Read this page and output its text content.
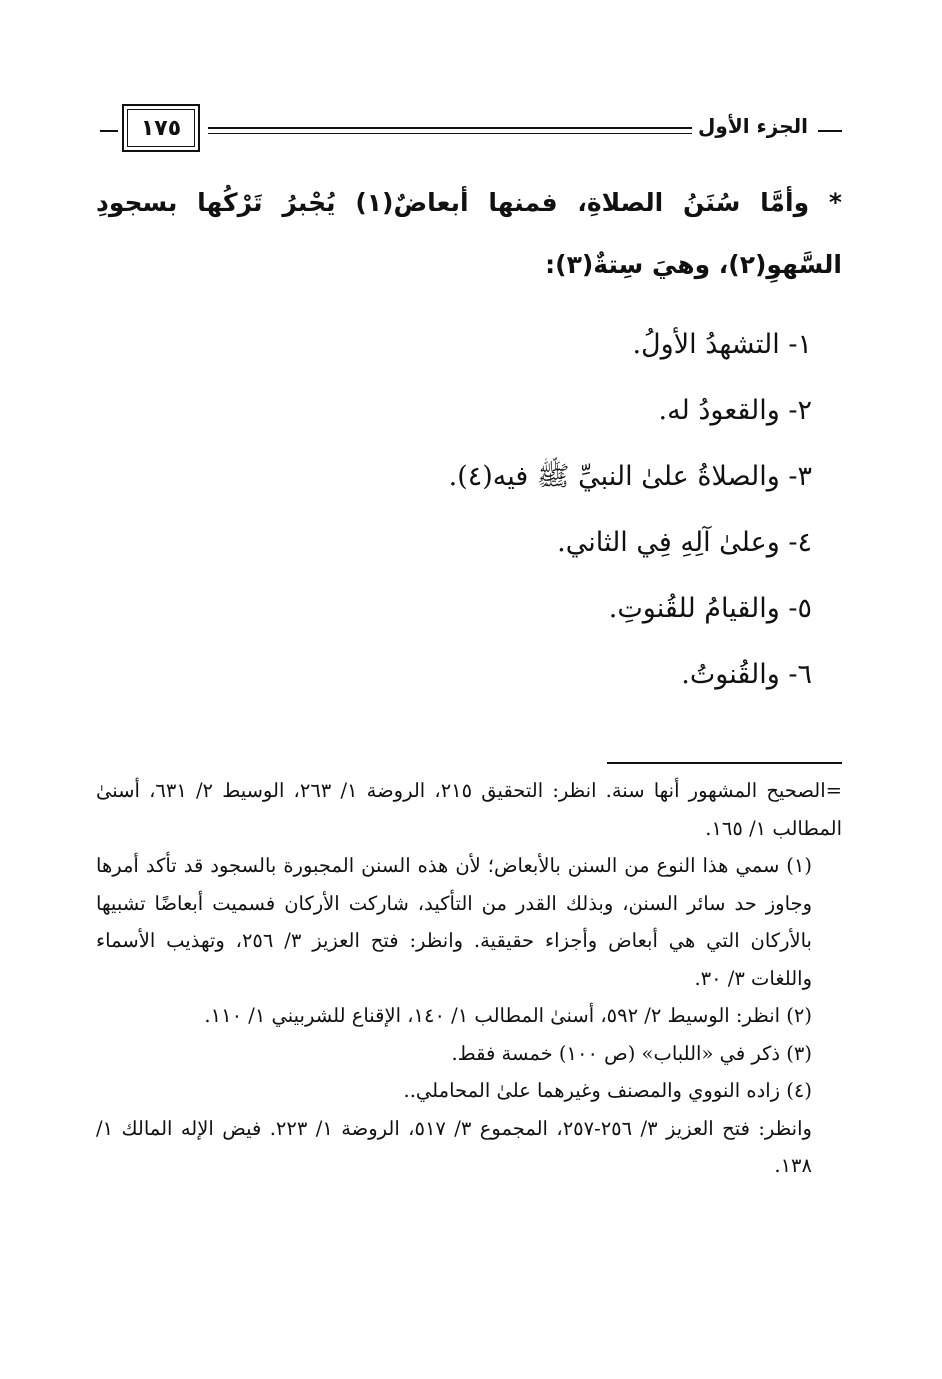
الجزء الأول
١٧٥

* وأمَّا سُنَنُ الصلاةِ، فمنها أبعاضٌ(١) يُجْبرُ تَرْكُها بسجودِ السَّهوِ(٢)، وهيَ سِتةٌ(٣):

١- التشهدُ الأولُ.
٢- والقعودُ له.
٣- والصلاةُ علىٰ النبيِّ ﷺ فيه(٤).
٤- وعلىٰ آلِهِ فِي الثاني.
٥- والقيامُ للقُنوتِ.
٦- والقُنوتُ.

=الصحيح المشهور أنها سنة. انظر: التحقيق ٢١٥، الروضة ١/ ٢٦٣، الوسيط ٢/ ٦٣١، أسنىٰ المطالب ١/ ١٦٥.

(١) سمي هذا النوع من السنن بالأبعاض؛ لأن هذه السنن المجبورة بالسجود قد تأكد أمرها وجاوز حد سائر السنن، وبذلك القدر من التأكيد، شاركت الأركان فسميت أبعاضًا تشبيها بالأركان التي هي أبعاض وأجزاء حقيقية. وانظر: فتح العزيز ٣/ ٢٥٦، وتهذيب الأسماء واللغات ٣/ ٣٠.

(٢) انظر: الوسيط ٢/ ٥٩٢، أسنىٰ المطالب ١/ ١٤٠، الإقناع للشربيني ١/ ١١٠.

(٣) ذكر في «اللباب» (ص ١٠٠) خمسة فقط.

(٤) زاده النووي والمصنف وغيرهما علىٰ المحاملي..

وانظر: فتح العزيز ٣/ ٢٥٦-٢٥٧، المجموع ٣/ ٥١٧، الروضة ١/ ٢٢٣. فيض الإله المالك ١/ ١٣٨.
